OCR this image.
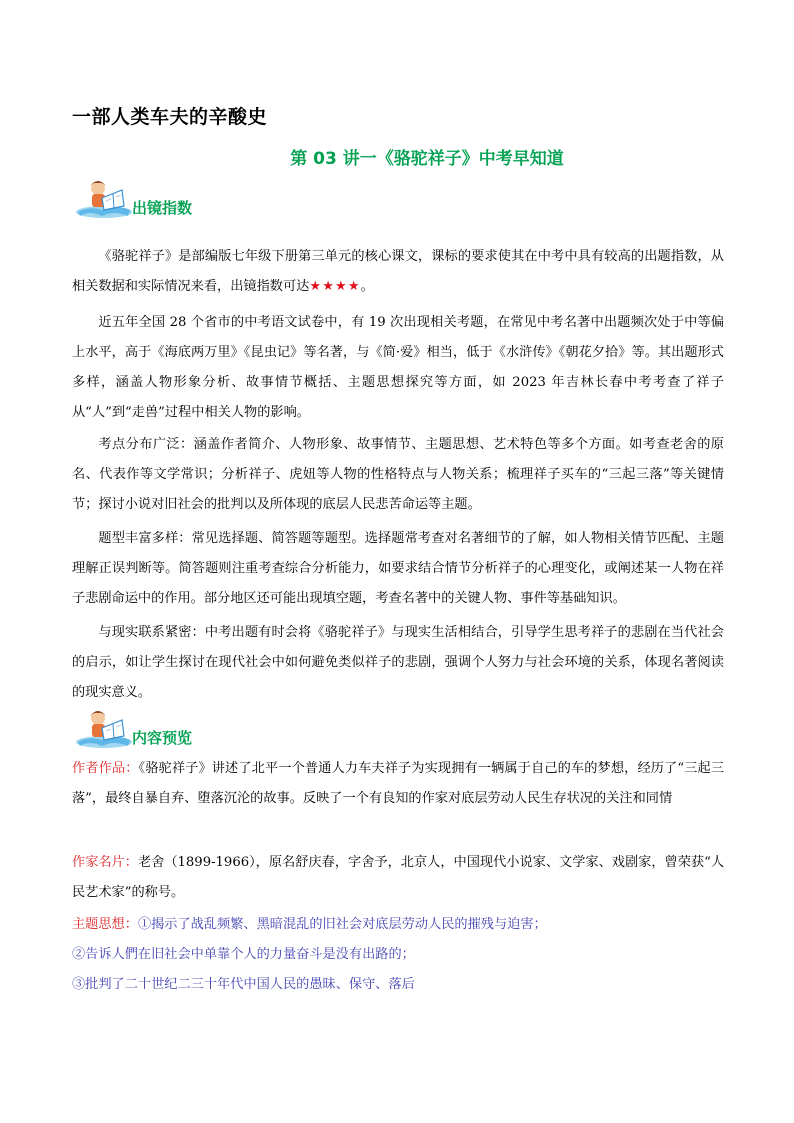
一部人类车夫的辛酸史
第 03 讲一《骆驼祥子》中考早知道
出镜指数
《骆驼祥子》是部编版七年级下册第三单元的核心课文，课标的要求使其在中考中具有较高的出题指数，从相关数据和实际情况来看，出镜指数可达★★★★。
近五年全国 28 个省市的中考语文试卷中，有 19 次出现相关考题，在常见中考名著中出题频次处于中等偏上水平，高于《海底两万里》《昆虫记》等名著，与《简·爱》相当，低于《水浒传》《朝花夕拾》等。其出题形式多样，涵盖人物形象分析、故事情节概括、主题思想探究等方面，如 2023 年吉林长春中考考查了祥子从“人”到“走兽”过程中相关人物的影响。
考点分布广泛：涵盖作者简介、人物形象、故事情节、主题思想、艺术特色等多个方面。如考查老舍的原名、代表作等文学常识；分析祥子、虎妞等人物的性格特点与人物关系；梳理祥子买车的“三起三落”等关键情节；探讨小说对旧社会的批判以及所体现的底层人民悲苦命运等主题。
题型丰富多样：常见选择题、简答题等题型。选择题常考查对名著细节的了解，如人物相关情节匹配、主题理解正误判断等。简答题则注重考查综合分析能力，如要求结合情节分析祥子的心理变化，或阐述某一人物在祥子悲剧命运中的作用。部分地区还可能出现填空题，考查名著中的关键人物、事件等基础知识。
与现实联系紧密：中考出题有时会将《骆驼祥子》与现实生活相结合，引导学生思考祥子的悲剧在当代社会的启示，如让学生探讨在现代社会中如何避免类似祥子的悲剧，强调个人努力与社会环境的关系，体现名著阅读的现实意义。
内容预览
作者作品：《骆驼祥子》讲述了北平一个普通人力车夫祥子为实现拥有一辆属于自己的车的梦想，经历了“三起三落”，最终自暴自弃、堕落沉沦的故事。反映了一个有良知的作家对底层劳动人民生存状况的关注和同情
作家名片：老舍（1899-1966），原名舒庆春，字舍予，北京人，中国现代小说家、文学家、戏剧家，曾荣获“人民艺术家”的称号。
主题思想：①揭示了战乱频繁、黑暗混乱的旧社会对底层劳动人民的摧残与迫害；
②告诉人們在旧社会中单靠个人的力量奋斗是没有出路的；
③批判了二十世纪二三十年代中国人民的愚昧、保守、落后
